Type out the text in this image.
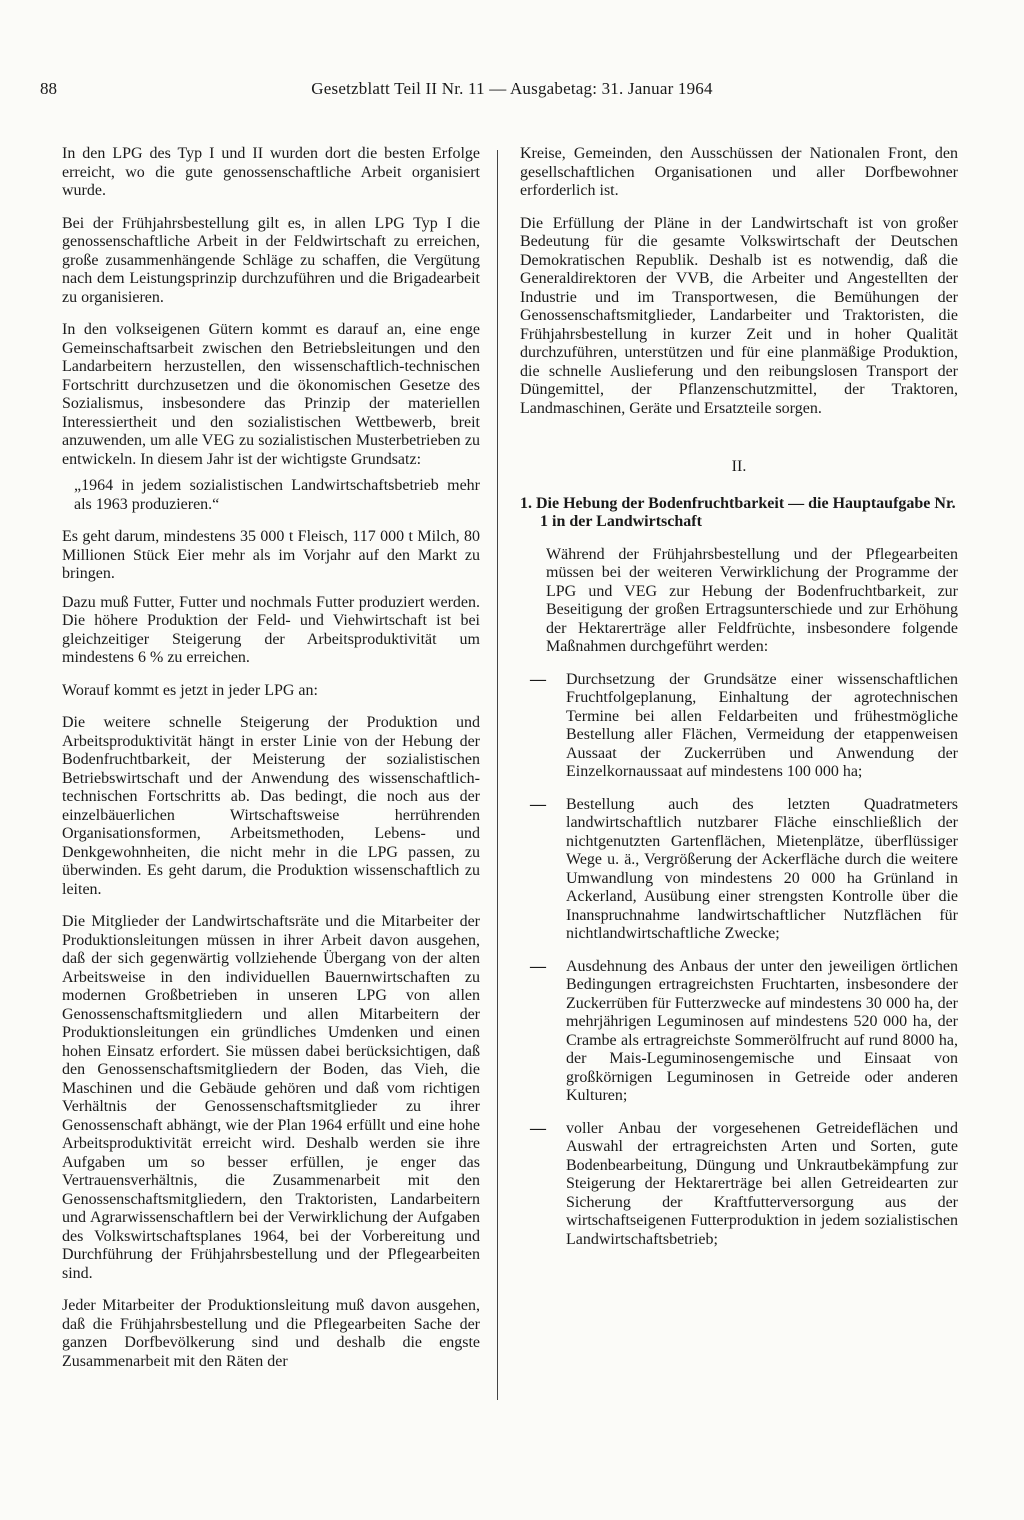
88	Gesetzblatt Teil II Nr. 11 — Ausgabetag: 31. Januar 1964

In den LPG des Typ I und II wurden dort die besten Erfolge erreicht, wo die gute genossenschaftliche Arbeit organisiert wurde.

Bei der Frühjahrsbestellung gilt es, in allen LPG Typ I die genossenschaftliche Arbeit in der Feldwirtschaft zu erreichen, große zusammenhängende Schläge zu schaffen, die Vergütung nach dem Leistungsprinzip durchzuführen und die Brigadearbeit zu organisieren.

In den volkseigenen Gütern kommt es darauf an, eine enge Gemeinschaftsarbeit zwischen den Betriebsleitungen und den Landarbeitern herzustellen, den wissenschaftlich-technischen Fortschritt durchzusetzen und die ökonomischen Gesetze des Sozialismus, insbesondere das Prinzip der materiellen Interessiertheit und den sozialistischen Wettbewerb, breit anzuwenden, um alle VEG zu sozialistischen Musterbetrieben zu entwickeln. In diesem Jahr ist der wichtigste Grundsatz:

„1964 in jedem sozialistischen Landwirtschaftsbetrieb mehr als 1963 produzieren.“

Es geht darum, mindestens 35 000 t Fleisch, 117 000 t Milch, 80 Millionen Stück Eier mehr als im Vorjahr auf den Markt zu bringen.

Dazu muß Futter, Futter und nochmals Futter produziert werden. Die höhere Produktion der Feld- und Viehwirtschaft ist bei gleichzeitiger Steigerung der Arbeitsproduktivität um mindestens 6 % zu erreichen.

Worauf kommt es jetzt in jeder LPG an:

Die weitere schnelle Steigerung der Produktion und Arbeitsproduktivität hängt in erster Linie von der Hebung der Bodenfruchtbarkeit, der Meisterung der sozialistischen Betriebswirtschaft und der Anwendung des wissenschaftlich-technischen Fortschritts ab. Das bedingt, die noch aus der einzelbäuerlichen Wirtschaftsweise herrührenden Organisationsformen, Arbeitsmethoden, Lebens- und Denkgewohnheiten, die nicht mehr in die LPG passen, zu überwinden. Es geht darum, die Produktion wissenschaftlich zu leiten.

Die Mitglieder der Landwirtschaftsräte und die Mitarbeiter der Produktionsleitungen müssen in ihrer Arbeit davon ausgehen, daß der sich gegenwärtig vollziehende Übergang von der alten Arbeitsweise in den individuellen Bauernwirtschaften zu modernen Großbetrieben in unseren LPG von allen Genossenschaftsmitgliedern und allen Mitarbeitern der Produktionsleitungen ein gründliches Umdenken und einen hohen Einsatz erfordert. Sie müssen dabei berücksichtigen, daß den Genossenschaftsmitgliedern der Boden, das Vieh, die Maschinen und die Gebäude gehören und daß vom richtigen Verhältnis der Genossenschaftsmitglieder zu ihrer Genossenschaft abhängt, wie der Plan 1964 erfüllt und eine hohe Arbeitsproduktivität erreicht wird. Deshalb werden sie ihre Aufgaben um so besser erfüllen, je enger das Vertrauensverhältnis, die Zusammenarbeit mit den Genossenschaftsmitgliedern, den Traktoristen, Landarbeitern und Agrarwissenschaftlern bei der Verwirklichung der Aufgaben des Volkswirtschaftsplanes 1964, bei der Vorbereitung und Durchführung der Frühjahrsbestellung und der Pflegearbeiten sind.

Jeder Mitarbeiter der Produktionsleitung muß davon ausgehen, daß die Frühjahrsbestellung und die Pflegearbeiten Sache der ganzen Dorfbevölkerung sind und deshalb die engste Zusammenarbeit mit den Räten der

Kreise, Gemeinden, den Ausschüssen der Nationalen Front, den gesellschaftlichen Organisationen und aller Dorfbewohner erforderlich ist.

Die Erfüllung der Pläne in der Landwirtschaft ist von großer Bedeutung für die gesamte Volkswirtschaft der Deutschen Demokratischen Republik. Deshalb ist es notwendig, daß die Generaldirektoren der VVB, die Arbeiter und Angestellten der Industrie und im Transportwesen, die Bemühungen der Genossenschaftsmitglieder, Landarbeiter und Traktoristen, die Frühjahrsbestellung in kurzer Zeit und in hoher Qualität durchzuführen, unterstützen und für eine planmäßige Produktion, die schnelle Auslieferung und den reibungslosen Transport der Düngemittel, der Pflanzenschutzmittel, der Traktoren, Landmaschinen, Geräte und Ersatzteile sorgen.

II.

1. Die Hebung der Bodenfruchtbarkeit — die Hauptaufgabe Nr. 1 in der Landwirtschaft

Während der Frühjahrsbestellung und der Pflegearbeiten müssen bei der weiteren Verwirklichung der Programme der LPG und VEG zur Hebung der Bodenfruchtbarkeit, zur Beseitigung der großen Ertragsunterschiede und zur Erhöhung der Hektarerträge aller Feldfrüchte, insbesondere folgende Maßnahmen durchgeführt werden:

— Durchsetzung der Grundsätze einer wissenschaftlichen Fruchtfolgeplanung, Einhaltung der agrotechnischen Termine bei allen Feldarbeiten und frühestmögliche Bestellung aller Flächen, Vermeidung der etappenweisen Aussaat der Zuckerrüben und Anwendung der Einzelkornaussaat auf mindestens 100 000 ha;
— Bestellung auch des letzten Quadratmeters landwirtschaftlich nutzbarer Fläche einschließlich der nichtgenutzten Gartenflächen, Mietenplätze, überflüssiger Wege u. ä., Vergrößerung der Ackerfläche durch die weitere Umwandlung von mindestens 20 000 ha Grünland in Ackerland, Ausübung einer strengsten Kontrolle über die Inanspruchnahme landwirtschaftlicher Nutzflächen für nichtlandwirtschaftliche Zwecke;
— Ausdehnung des Anbaus der unter den jeweiligen örtlichen Bedingungen ertragreichsten Fruchtarten, insbesondere der Zuckerrüben für Futterzwecke auf mindestens 30 000 ha, der mehrjährigen Leguminosen auf mindestens 520 000 ha, der Crambe als ertragreichste Sommerölfrucht auf rund 8000 ha, der Mais-Leguminosengemische und Einsaat von großkörnigen Leguminosen in Getreide oder anderen Kulturen;
— voller Anbau der vorgesehenen Getreideflächen und Auswahl der ertragreichsten Arten und Sorten, gute Bodenbearbeitung, Düngung und Unkrautbekämpfung zur Steigerung der Hektarerträge bei allen Getreidearten zur Sicherung der Kraftfutterversorgung aus der wirtschaftseigenen Futterproduktion in jedem sozialistischen Landwirtschaftsbetrieb;
